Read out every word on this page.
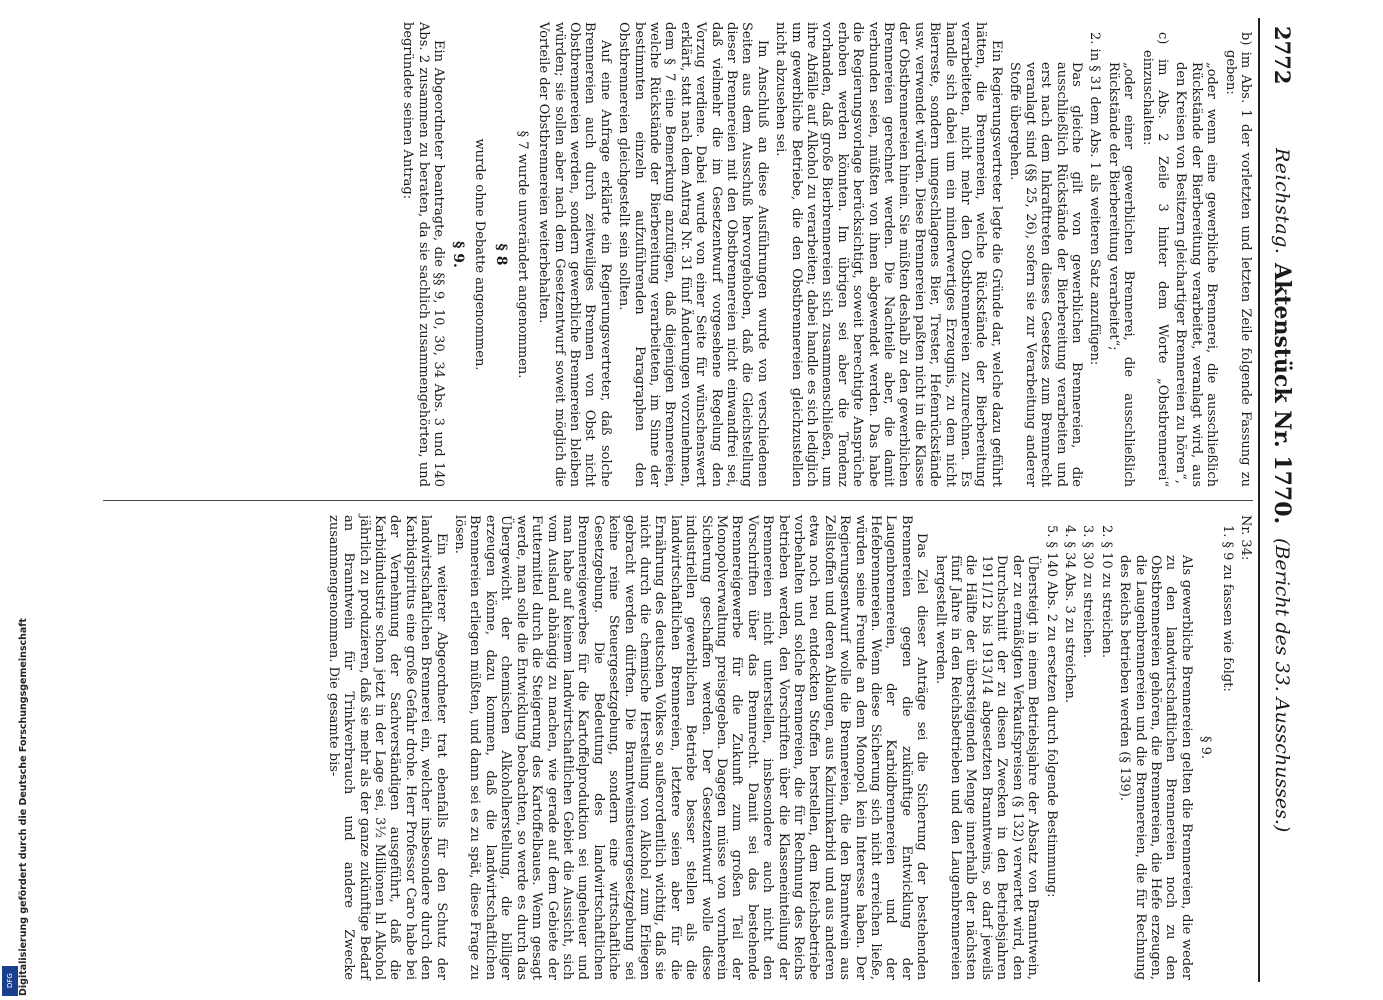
2772
Reichstag.
Aktenstück Nr. 1770.
(Bericht des 33. Ausschusses.)
b) im Abs. 1 der vorletzten und letzten Zeile folgende Fassung zu geben:
„oder wenn eine gewerbliche Brennerei, die ausschließlich Rückstände der Bierbereitung verarbeitet, veranlagt wird, aus den Kreisen von Besitzern gleichartiger Brennereien zu hören“,
c) im Abs. 2 Zeile 3 hinter dem Worte „Obstbrennerei“ einzuschalten:
„oder einer gewerblichen Brennerei, die ausschließlich Rückstände der Bierbereitung verarbeitet“;
2. in § 31 dem Abs. 1 als weiteren Satz anzufügen:
Das gleiche gilt von gewerblichen Brennereien, die ausschließlich Rückstände der Bierbereitung verarbeiten und erst nach dem Inkrafttreten dieses Gesetzes zum Brennrecht veranlagt sind (§§ 25, 26), sofern sie zur Verarbeitung anderer Stoffe übergehen.
Ein Regierungsvertreter legte die Gründe dar, welche dazu geführt hätten, die Brennereien, welche Rückstände der Bierbereitung verarbeiteten, nicht mehr den Obstbrennereien zuzurechnen. Es handle sich dabei um ein minderwertiges Erzeugnis, zu dem nicht Bierreste, sondern umgeschlagenes Bier, Trester, Hefenrückstände usw. verwendet würden. Diese Brennereien paßten nicht in die Klasse der Obstbrennereien hinein. Sie müßten deshalb zu den gewerblichen Brennereien gerechnet werden. Die Nachteile aber, die damit verbunden seien, müßten von ihnen abgewendet werden. Das habe die Regierungsvorlage berücksichtigt, soweit berechtigte Ansprüche erhoben werden könnten. Im übrigen sei aber die Tendenz vorhanden, daß große Bierbrennereien sich zusammenschließen, um ihre Abfälle auf Alkohol zu verarbeiten; dabei handle es sich lediglich um gewerbliche Betriebe, die den Obstbrennereien gleichzustellen nicht abzusehen sei.
Im Anschluß an diese Ausführungen wurde von verschiedenen Seiten aus dem Ausschuß hervorgehoben, daß die Gleichstellung dieser Brennereien mit den Obstbrennereien nicht einwandfrei sei, daß vielmehr die im Gesetzentwurf vorgesehene Regelung den Vorzug verdiene. Dabei wurde von einer Seite für wünschenswert erklärt, statt nach dem Antrag Nr. 31 fünf Änderungen vorzunehmen, dem § 7 eine Bemerkung anzufügen, daß diejenigen Brennereien, welche Rückstände der Bierbereitung verarbeiteten, im Sinne der bestimmten einzeln aufzuführenden Paragraphen den Obstbrennereien gleichgestellt sein sollten.
Auf eine Anfrage erklärte ein Regierungsvertreter, daß solche Brennereien auch durch zeitweiliges Brennen von Obst nicht Obstbrennereien werden, sondern gewerbliche Brennereien bleiben würden; sie sollen aber nach dem Gesetzentwurf soweit möglich die Vorteile der Obstbrennereien weiterbehalten.
§ 7 wurde unverändert angenommen.
§ 8
wurde ohne Debatte angenommen.
§ 9.
Ein Abgeordneter beantragte, die §§ 9, 10, 30, 34 Abs. 3 und 140 Abs. 2 zusammen zu beraten, da sie sachlich zusammengehörten, und begründete seinen Antrag:
Nr. 34:
1. § 9 zu fassen wie folgt:
§ 9.
Als gewerbliche Brennereien gelten die Brennereien, die weder zu den landwirtschaftlichen Brennereien noch zu den Obstbrennereien gehören, die Brennereien, die Hefe erzeugen, die Laugenbrennereien und die Brennereien, die für Rechnung des Reichs betrieben werden (§ 139).
2. § 10 zu streichen.
3. § 30 zu streichen.
4. § 34 Abs. 3 zu streichen.
5. § 140 Abs. 2 zu ersetzen durch folgende Bestimmung:
Übersteigt in einem Betriebsjahre der Absatz von Branntwein, der zu ermäßigten Verkaufspreisen (§ 132) verwertet wird, den Durchschnitt der zu diesen Zwecken in den Betriebsjahren 1911/12 bis 1913/14 abgesetzten Branntweins, so darf jeweils die Hälfte der übersteigenden Menge innerhalb der nächsten fünf Jahre in den Reichsbetrieben und den Laugenbrennereien hergestellt werden.
Das Ziel dieser Anträge sei die Sicherung der bestehenden Brennereien gegen die zukünftige Entwicklung der Laugenbrennereien, der Karbidbrennereien und der Hefebrennereien. Wenn diese Sicherung sich nicht erreichen ließe, würden seine Freunde an dem Monopol kein Interesse haben. Der Regierungsentwurf wolle die Brennereien, die den Branntwein aus Zellstoffen und deren Ablaugen, aus Kalziumkarbid und aus anderen etwa noch neu entdeckten Stoffen herstellen, dem Reichsbetriebe vorbehalten und solche Brennereien, die für Rechnung des Reichs betrieben werden, den Vorschriften über die Klasseneinteilung der Brennereien nicht unterstellen, insbesondere auch nicht den Vorschriften über das Brennrecht. Damit sei das bestehende Brennereigewerbe für die Zukunft zum großen Teil der Monopolverwaltung preisgegeben. Dagegen müsse von vornherein Sicherung geschaffen werden. Der Gesetzentwurf wolle diese industriellen gewerblichen Betriebe besser stellen als die landwirtschaftlichen Brennereien, letztere seien aber für die Ernährung des deutschen Volkes so außerordentlich wichtig, daß sie nicht durch die chemische Herstellung von Alkohol zum Erliegen gebracht werden dürften. Die Branntweinsteuergesetzgebung sei keine reine Steuergesetzgebung, sondern eine wirtschaftliche Gesetzgebung. Die Bedeutung des landwirtschaftlichen Brennereigewerbes für die Kartoffelproduktion sei ungeheuer und man habe auf keinem landwirtschaftlichen Gebiet die Aussicht, sich vom Ausland abhängig zu machen, wie gerade auf dem Gebiete der Futtermittel durch die Steigerung des Kartoffelbaues. Wenn gesagt werde, man solle die Entwicklung beobachten, so werde es durch das Übergewicht der chemischen Alkoholherstellung, die billiger erzeugen könne, dazu kommen, daß die landwirtschaftlichen Brennereien erliegen müßten, und dann sei es zu spät, diese Frage zu lösen.
Ein weiterer Abgeordneter trat ebenfalls für den Schutz der landwirtschaftlichen Brennerei ein, welcher insbesondere durch den Karbidspiritus eine große Gefahr drohe. Herr Professor Caro habe bei der Vernehmung der Sachverständigen ausgeführt, daß die Karbidindustrie schon jetzt in der Lage sei, 3½ Millionen hl Alkohol jährlich zu produzieren, daß sie mehr als der ganze zukünftige Bedarf an Branntwein für Trinkverbrauch und andere Zwecke zusammengenommen. Die gesamte bis-
Digitalisierung gefördert durch die Deutsche Forschungsgemeinschaft
DFG
